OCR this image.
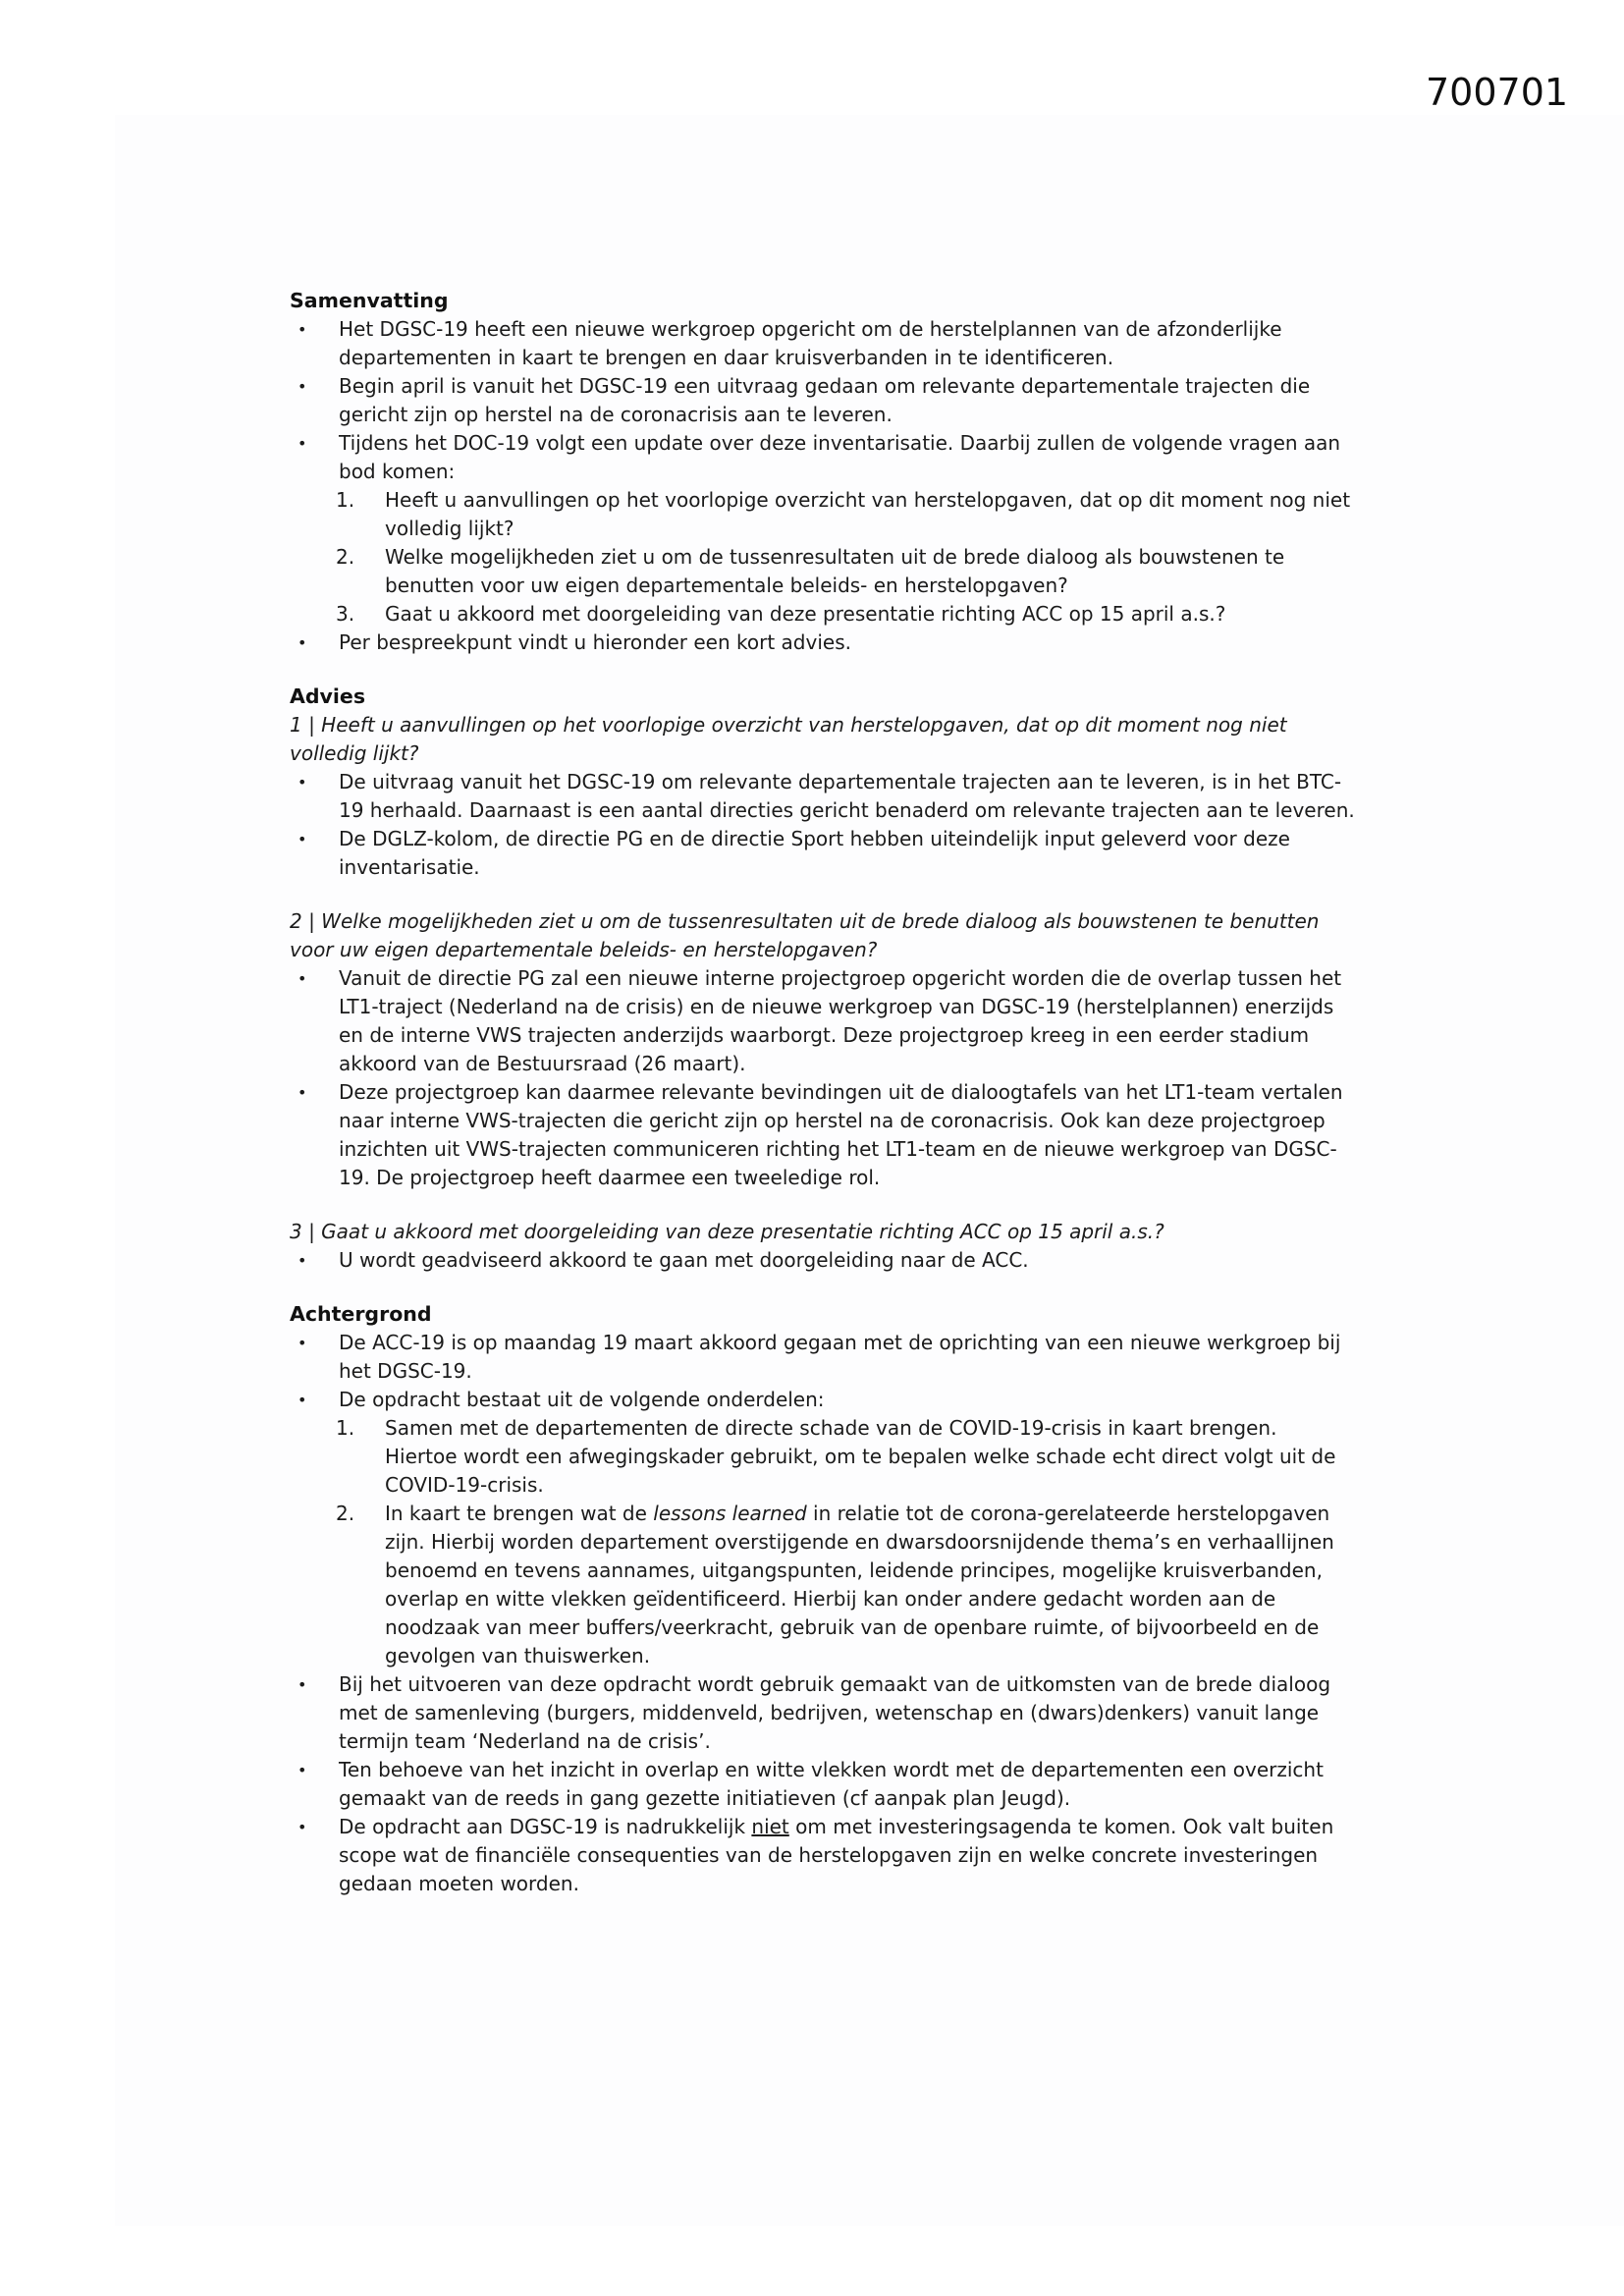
700701
Samenvatting
•	Het DGSC-19 heeft een nieuwe werkgroep opgericht om de herstelplannen van de afzonderlijke departementen in kaart te brengen en daar kruisverbanden in te identificeren.
•	Begin april is vanuit het DGSC-19 een uitvraag gedaan om relevante departementale trajecten die gericht zijn op herstel na de coronacrisis aan te leveren.
•	Tijdens het DOC-19 volgt een update over deze inventarisatie. Daarbij zullen de volgende vragen aan bod komen:
1.	Heeft u aanvullingen op het voorlopige overzicht van herstelopgaven, dat op dit moment nog niet volledig lijkt?
2.	Welke mogelijkheden ziet u om de tussenresultaten uit de brede dialoog als bouwstenen te benutten voor uw eigen departementale beleids- en herstelopgaven?
3.	Gaat u akkoord met doorgeleiding van deze presentatie richting ACC op 15 april a.s.?
•	Per bespreekpunt vindt u hieronder een kort advies.
Advies
1 | Heeft u aanvullingen op het voorlopige overzicht van herstelopgaven, dat op dit moment nog niet volledig lijkt?
•	De uitvraag vanuit het DGSC-19 om relevante departementale trajecten aan te leveren, is in het BTC-19 herhaald. Daarnaast is een aantal directies gericht benaderd om relevante trajecten aan te leveren.
•	De DGLZ-kolom, de directie PG en de directie Sport hebben uiteindelijk input geleverd voor deze inventarisatie.
2 | Welke mogelijkheden ziet u om de tussenresultaten uit de brede dialoog als bouwstenen te benutten voor uw eigen departementale beleids- en herstelopgaven?
•	Vanuit de directie PG zal een nieuwe interne projectgroep opgericht worden die de overlap tussen het LT1-traject (Nederland na de crisis) en de nieuwe werkgroep van DGSC-19 (herstelplannen) enerzijds en de interne VWS trajecten anderzijds waarborgt. Deze projectgroep kreeg in een eerder stadium akkoord van de Bestuursraad (26 maart).
•	Deze projectgroep kan daarmee relevante bevindingen uit de dialoogtafels van het LT1-team vertalen naar interne VWS-trajecten die gericht zijn op herstel na de coronacrisis. Ook kan deze projectgroep inzichten uit VWS-trajecten communiceren richting het LT1-team en de nieuwe werkgroep van DGSC-19. De projectgroep heeft daarmee een tweeledige rol.
3 | Gaat u akkoord met doorgeleiding van deze presentatie richting ACC op 15 april a.s.?
•	U wordt geadviseerd akkoord te gaan met doorgeleiding naar de ACC.
Achtergrond
•	De ACC-19 is op maandag 19 maart akkoord gegaan met de oprichting van een nieuwe werkgroep bij het DGSC-19.
•	De opdracht bestaat uit de volgende onderdelen:
1.	Samen met de departementen de directe schade van de COVID-19-crisis in kaart brengen. Hiertoe wordt een afwegingskader gebruikt, om te bepalen welke schade echt direct volgt uit de COVID-19-crisis.
2.	In kaart te brengen wat de lessons learned in relatie tot de corona-gerelateerde herstelopgaven zijn. Hierbij worden departement overstijgende en dwarsdoorsnijdende thema’s en verhaallijnen benoemd en tevens aannames, uitgangspunten, leidende principes, mogelijke kruisverbanden, overlap en witte vlekken geïdentificeerd. Hierbij kan onder andere gedacht worden aan de noodzaak van meer buffers/veerkracht, gebruik van de openbare ruimte, of bijvoorbeeld en de gevolgen van thuiswerken.
•	Bij het uitvoeren van deze opdracht wordt gebruik gemaakt van de uitkomsten van de brede dialoog met de samenleving (burgers, middenveld, bedrijven, wetenschap en (dwars)denkers) vanuit lange termijn team ‘Nederland na de crisis’.
•	Ten behoeve van het inzicht in overlap en witte vlekken wordt met de departementen een overzicht gemaakt van de reeds in gang gezette initiatieven (cf aanpak plan Jeugd).
•	De opdracht aan DGSC-19 is nadrukkelijk niet om met investeringsagenda te komen. Ook valt buiten scope wat de financiële consequenties van de herstelopgaven zijn en welke concrete investeringen gedaan moeten worden.
